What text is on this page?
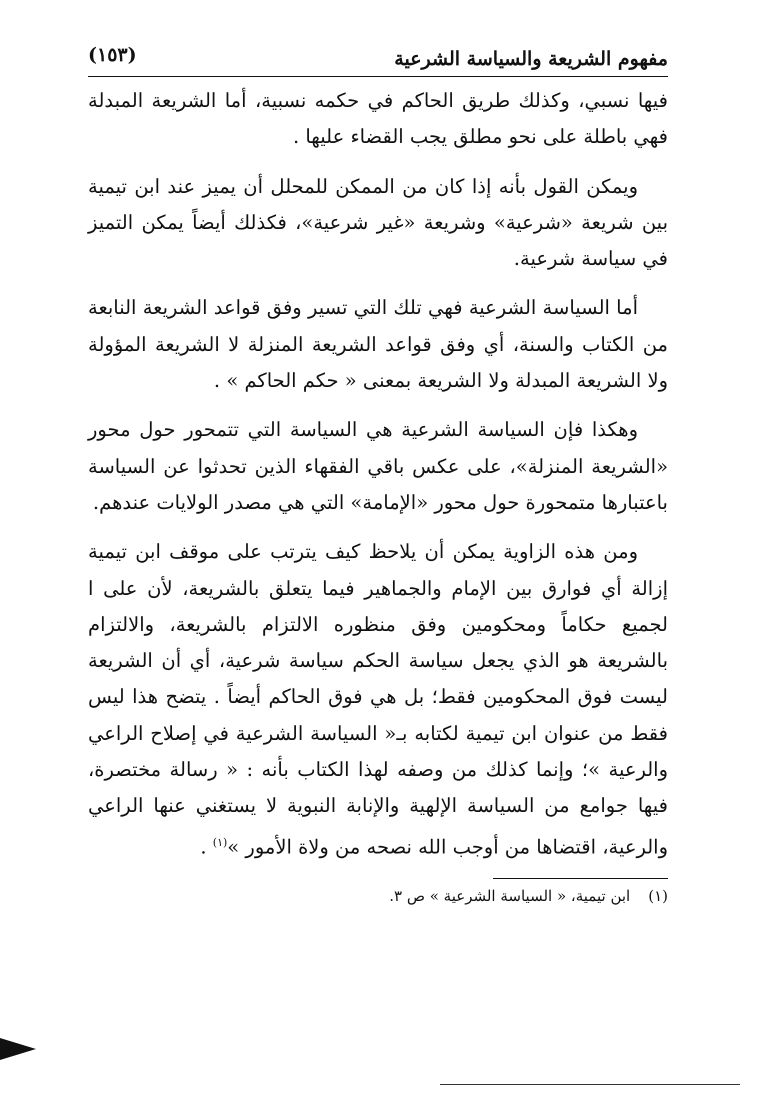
مفهوم الشريعة والسياسة الشرعية
(١٥٣)

فيها نسبي، وكذلك طريق الحاكم في حكمه نسبية، أما الشريعة المبدلة فهي باطلة على نحو مطلق يجب القضاء عليها .

ويمكن القول بأنه إذا كان من الممكن للمحلل أن يميز عند ابن تيمية بين شريعة «شرعية» وشريعة «غير شرعية»، فكذلك أيضاً يمكن التميز في سياسة شرعية.

أما السياسة الشرعية فهي تلك التي تسير وفق قواعد الشريعة النابعة من الكتاب والسنة، أي وفق قواعد الشريعة المنزلة لا الشريعة المؤولة ولا الشريعة المبدلة ولا الشريعة بمعنى « حكم الحاكم » .

وهكذا فإن السياسة الشرعية هي السياسة التي تتمحور حول محور «الشريعة المنزلة»، على عكس باقي الفقهاء الذين تحدثوا عن السياسة باعتبارها متمحورة حول محور «الإمامة» التي هي مصدر الولايات عندهم.

ومن هذه الزاوية يمكن أن يلاحظ كيف يترتب على موقف ابن تيمية إزالة أي فوارق بين الإمام والجماهير فيما يتعلق بالشريعة، لأن على ا لجميع حكاماً ومحكومين وفق منظوره الالتزام بالشريعة، والالتزام بالشريعة هو الذي يجعل سياسة الحكم سياسة شرعية، أي أن الشريعة ليست فوق المحكومين فقط؛ بل هي فوق الحاكم أيضاً . يتضح هذا ليس فقط من عنوان ابن تيمية لكتابه بـ« السياسة الشرعية في إصلاح الراعي والرعية »؛ وإنما كذلك من وصفه لهذا الكتاب بأنه : « رسالة مختصرة، فيها جوامع من السياسة الإلهية والإنابة النبوية لا يستغني عنها الراعي والرعية، اقتضاها من أوجب الله نصحه من ولاة الأمور »$^{(١)}$ .

(١)ابن تيمية، « السياسة الشرعية » ص ٣.
